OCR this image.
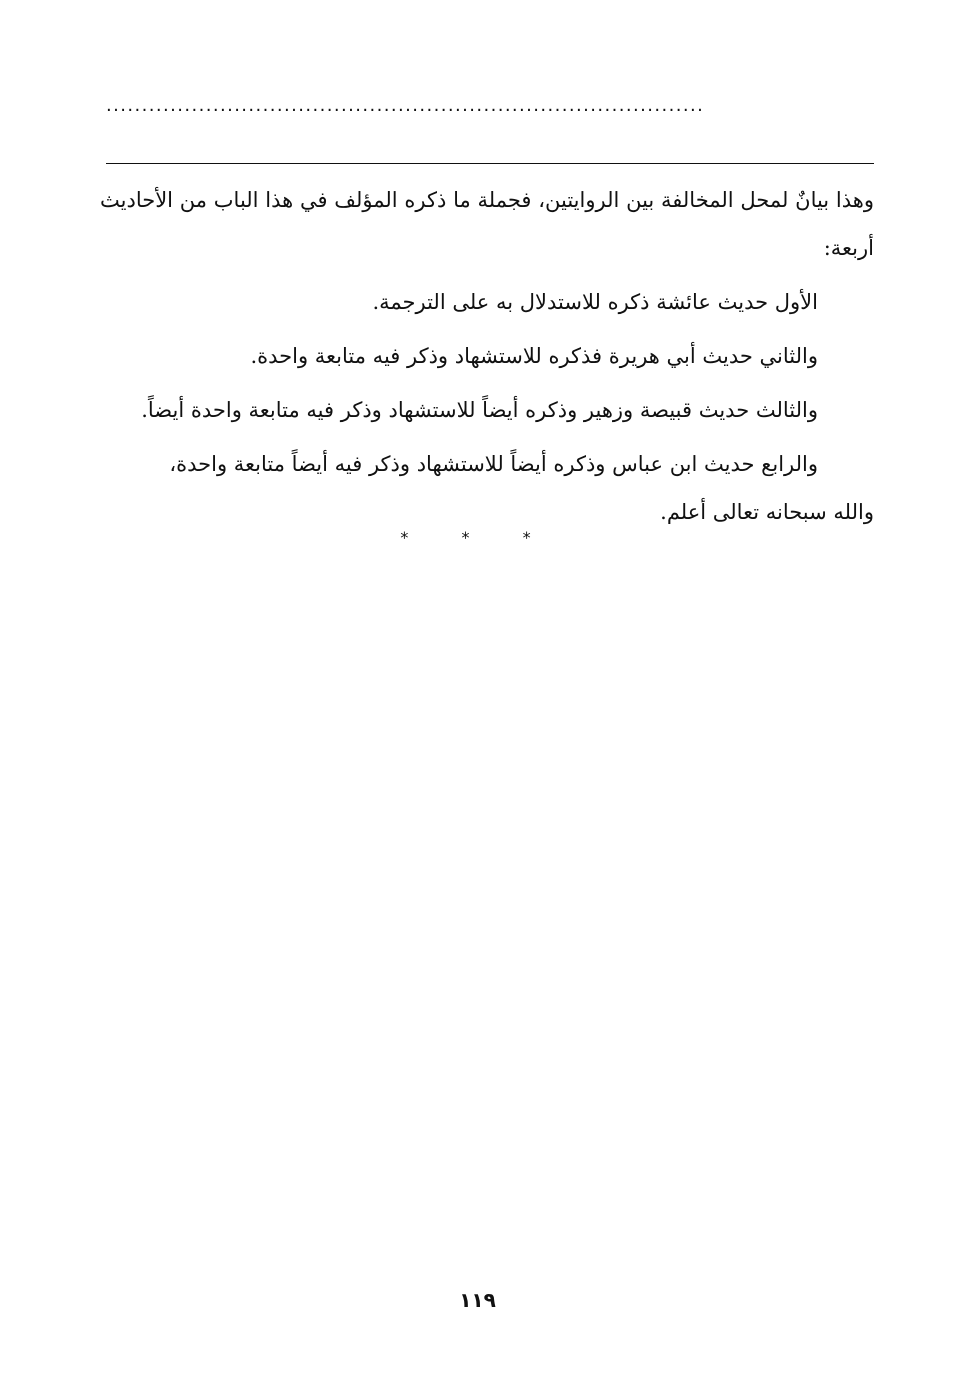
....................................................................................

وهذا بيانٌ لمحل المخالفة بين الروايتين، فجملة ما ذكره المؤلف في هذا الباب من الأحاديث أربعة:

الأول حديث عائشة ذكره للاستدلال به على الترجمة.

والثاني حديث أبي هريرة فذكره للاستشهاد وذكر فيه متابعة واحدة.

والثالث حديث قبيصة وزهير وذكره أيضاً للاستشهاد وذكر فيه متابعة واحدة أيضاً.

والرابع حديث ابن عباس وذكره أيضاً للاستشهاد وذكر فيه أيضاً متابعة واحدة،

والله سبحانه تعالى أعلم.

* * *
١١٩
